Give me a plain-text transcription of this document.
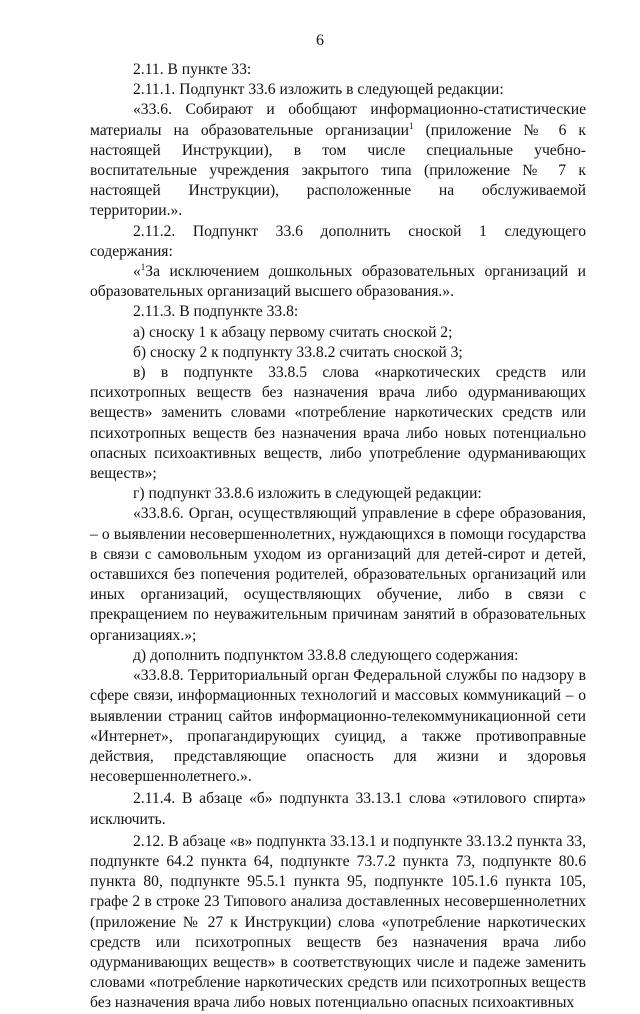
6

2.11. В пункте 33:

2.11.1. Подпункт 33.6 изложить в следующей редакции:

«33.6. Собирают и обобщают информационно-статистические материалы на образовательные организации$^1$ (приложение № 6 к настоящей Инструкции), в том числе специальные учебно-воспитательные учреждения закрытого типа (приложение № 7 к настоящей Инструкции), расположенные на обслуживаемой территории.».

2.11.2. Подпункт 33.6 дополнить сноской 1 следующего содержания:

«$^1$За исключением дошкольных образовательных организаций и образовательных организаций высшего образования.».

2.11.3. В подпункте 33.8:

а) сноску 1 к абзацу первому считать сноской 2;

б) сноску 2 к подпункту 33.8.2 считать сноской 3;

в) в подпункте 33.8.5 слова «наркотических средств или психотропных веществ без назначения врача либо одурманивающих веществ» заменить словами «потребление наркотических средств или психотропных веществ без назначения врача либо новых потенциально опасных психоактивных веществ, либо употребление одурманивающих веществ»;

г) подпункт 33.8.6 изложить в следующей редакции:

«33.8.6. Орган, осуществляющий управление в сфере образования, – о выявлении несовершеннолетних, нуждающихся в помощи государства в связи с самовольным уходом из организаций для детей-сирот и детей, оставшихся без попечения родителей, образовательных организаций или иных организаций, осуществляющих обучение, либо в связи с прекращением по неуважительным причинам занятий в образовательных организациях.»;

д) дополнить подпунктом 33.8.8 следующего содержания:

«33.8.8. Территориальный орган Федеральной службы по надзору в сфере связи, информационных технологий и массовых коммуникаций – о выявлении страниц сайтов информационно-телекоммуникационной сети «Интернет», пропагандирующих суицид, а также противоправные действия, представляющие опасность для жизни и здоровья несовершеннолетнего.».

2.11.4. В абзаце «б» подпункта 33.13.1 слова «этилового спирта» исключить.

2.12. В абзаце «в» подпункта 33.13.1 и подпункте 33.13.2 пункта 33, подпункте 64.2 пункта 64, подпункте 73.7.2 пункта 73, подпункте 80.6 пункта 80, подпункте 95.5.1 пункта 95, подпункте 105.1.6 пункта 105, графе 2 в строке 23 Типового анализа доставленных несовершеннолетних (приложение № 27 к Инструкции) слова «употребление наркотических средств или психотропных веществ без назначения врача либо одурманивающих веществ» в соответствующих числе и падеже заменить словами «потребление наркотических средств или психотропных веществ без назначения врача либо новых потенциально опасных психоактивных
